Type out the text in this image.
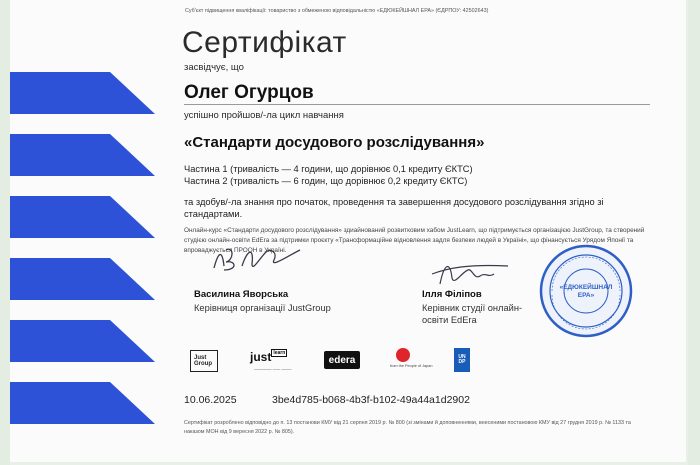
Суб'єкт підвищення кваліфікації: товариство з обмеженою відповідальністю «ЕДЮКЕЙШНАЛ ЕРА» (ЄДРПОУ: 42502643)
Сертифікат
засвідчує, що
Олег Огурцов
успішно пройшов/-ла цикл навчання
«Стандарти досудового розслідування»
Частина 1 (тривалість — 4 години, що дорівнює 0,1 кредиту ЄКТС)
Частина 2 (тривалість — 6 годин, що дорівнює 0,2 кредиту ЄКТС)
та здобув/-ла знання про початок, проведення та завершення досудового розслідування згідно зі стандартами.
Онлайн-курс «Стандарти досудового розслідування» здиайнований розвитковим хабом JustLearn, що підтримується організацією JustGroup, та створений студією онлайн-освіти EdEra за підтримки проєкту «Трансформаційне відновлення задля безпеки людей в Україні», що фінансується Урядом Японії та впроваджується ПРООН в Україні.
Василина Яворська
Керівниця організації JustGroup
Ілля Філіпов
Керівник студії онлайн-освіти EdEra
«ЕДЮКЕЙШНАЛ
ЕРА»
Just
Group	just $^{learn}$
_______ ___ ____
edera
from the People of Japan
UN
DP
10.06.2025	3be4d785-b068-4b3f-b102-49a44a1d2902
Сертифікат розроблено відповідно до п. 13 постанови КМУ від 21 серпня 2019 р. № 800 (зі змінами й доповненнями, внесеними постановою КМУ від 27 грудня 2019 р. № 1133 та наказом МОН від 9 вересня 2022 р. № 805).
